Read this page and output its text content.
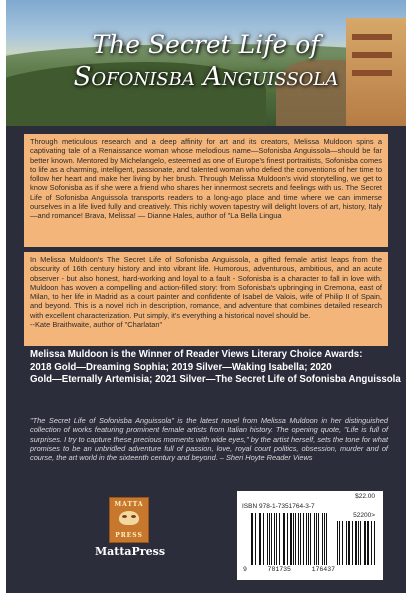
The Secret Life of
Sofonisba Anguissola

Through meticulous research and a deep affinity for art and its creators, Melissa Muldoon spins a captivating tale of a Renaissance woman whose melodious name—Sofonisba Anguissola—should be far better known. Mentored by Michelangelo, esteemed as one of Europe's finest portraitists, Sofonisba comes to life as a charming, intelligent, passionate, and talented woman who defied the conventions of her time to follow her heart and make her living by her brush. Through Melissa Muldoon's vivid storytelling, we get to know Sofonisba as if she were a friend who shares her innermost secrets and feelings with us. The Secret Life of Sofonisba Anguissola transports readers to a long-ago place and time where we can immerse ourselves in a life lived fully and creatively. This richly woven tapestry will delight lovers of art, history, Italy—and romance! Brava, Melissa! — Dianne Hales, author of "La Bella Lingua

In Melissa Muldoon's The Secret Life of Sofonisba Anguissola, a gifted female artist leaps from the obscurity of 16th century history and into vibrant life. Humorous, adventurous, ambitious, and an acute observer - but also honest, hard-working and loyal to a fault - Sofonisba is a character to fall in love with. Muldoon has woven a compelling and action-filled story: from Sofonisba's upbringing in Cremona, east of Milan, to her life in Madrid as a court painter and confidente of Isabel de Valois, wife of Philip II of Spain, and beyond. This is a novel rich in description, romance, and adventure that combines detailed research with excellent characterization. Put simply, it's everything a historical novel should be.
--Kate Braithwaite, author of "Charlatan"

Melissa Muldoon is the Winner of Reader Views Literary Choice Awards:
2018 Gold—Dreaming Sophia; 2019 Silver—Waking Isabella; 2020
Gold—Eternally Artemisia; 2021 Silver—The Secret Life of Sofonisba Anguissola

"The Secret Life of Sofonisba Anguissola" is the latest novel from Melissa Muldoon in her distinguished collection of works featuring prominent female artists from Italian history. The opening quote, "Life is full of surprises. I try to capture these precious moments with wide eyes," by the artist herself, sets the tone for what promises to be an unbridled adventure full of passion, love, royal court politics, obsession, murder and of course, the art world in the sixteenth century and beyond. – Sheri Hoyte Reader Views

MATTA
PRESS
MattaPress
$22.00
ISBN 978-1-7351764-3-7
52200>
9	781735	176437
